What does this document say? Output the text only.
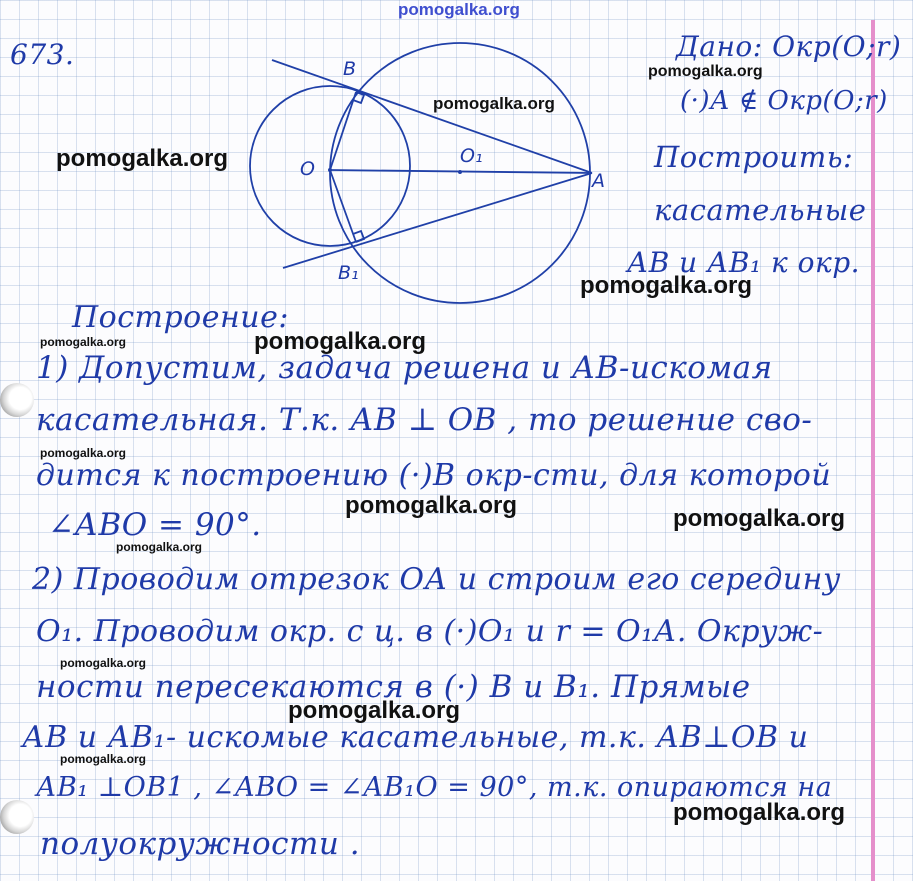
pomogalka.org
673.	B
O
O₁
A
B₁
Дано: Окр(О;r)
(·)А ∉ Окр(О;r)
Построить:
касательные
АВ и АВ₁ к окр.
Построение:
1) Допустим, задача решена и АВ-искомая
касательная. Т.к. АВ ⊥ ОВ , то решение сво-
дится к построению (·)В окр-сти, для которой
∠АВО = 90°.
2) Проводим отрезок ОА и строим его середину
О₁. Проводим окр. с ц. в (·)О₁ и r = О₁А. Окруж-
ности пересекаются в (·) В и В₁. Прямые
АВ и АВ₁- искомые касательные, т.к. АВ⊥ОВ и
АВ₁ ⊥ОВ1 , ∠АВО = ∠АВ₁О = 90°, т.к. опираются на
полуокружности .
pomogalka.org
pomogalka.org
pomogalka.org
pomogalka.org
pomogalka.org	pomogalka.org
pomogalka.org
pomogalka.org	pomogalka.org
pomogalka.org
pomogalka.org
pomogalka.org
pomogalka.org
pomogalka.org
